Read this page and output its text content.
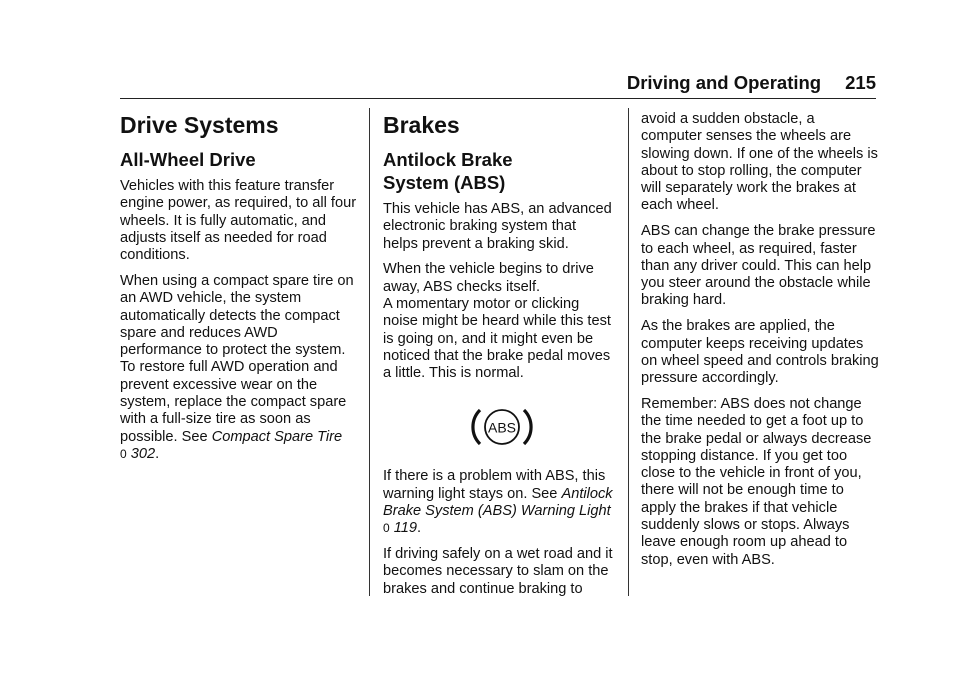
Driving and Operating 215
Drive Systems
All-Wheel Drive

Vehicles with this feature transfer engine power, as required, to all four wheels. It is fully automatic, and adjusts itself as needed for road conditions.

When using a compact spare tire on an AWD vehicle, the system automatically detects the compact spare and reduces AWD performance to protect the system. To restore full AWD operation and prevent excessive wear on the system, replace the compact spare with a full-size tire as soon as possible. See Compact Spare Tire
0 302.

Brakes
Antilock Brake
System (ABS)

This vehicle has ABS, an advanced electronic braking system that helps prevent a braking skid.

When the vehicle begins to drive away, ABS checks itself.
A momentary motor or clicking noise might be heard while this test is going on, and it might even be noticed that the brake pedal moves a little. This is normal.

ABS

If there is a problem with ABS, this warning light stays on. See Antilock Brake System (ABS) Warning Light
0 119.

If driving safely on a wet road and it becomes necessary to slam on the brakes and continue braking to

avoid a sudden obstacle, a computer senses the wheels are slowing down. If one of the wheels is about to stop rolling, the computer will separately work the brakes at each wheel.

ABS can change the brake pressure to each wheel, as required, faster than any driver could. This can help you steer around the obstacle while braking hard.

As the brakes are applied, the computer keeps receiving updates on wheel speed and controls braking pressure accordingly.

Remember: ABS does not change the time needed to get a foot up to the brake pedal or always decrease stopping distance. If you get too close to the vehicle in front of you, there will not be enough time to apply the brakes if that vehicle suddenly slows or stops. Always leave enough room up ahead to stop, even with ABS.
